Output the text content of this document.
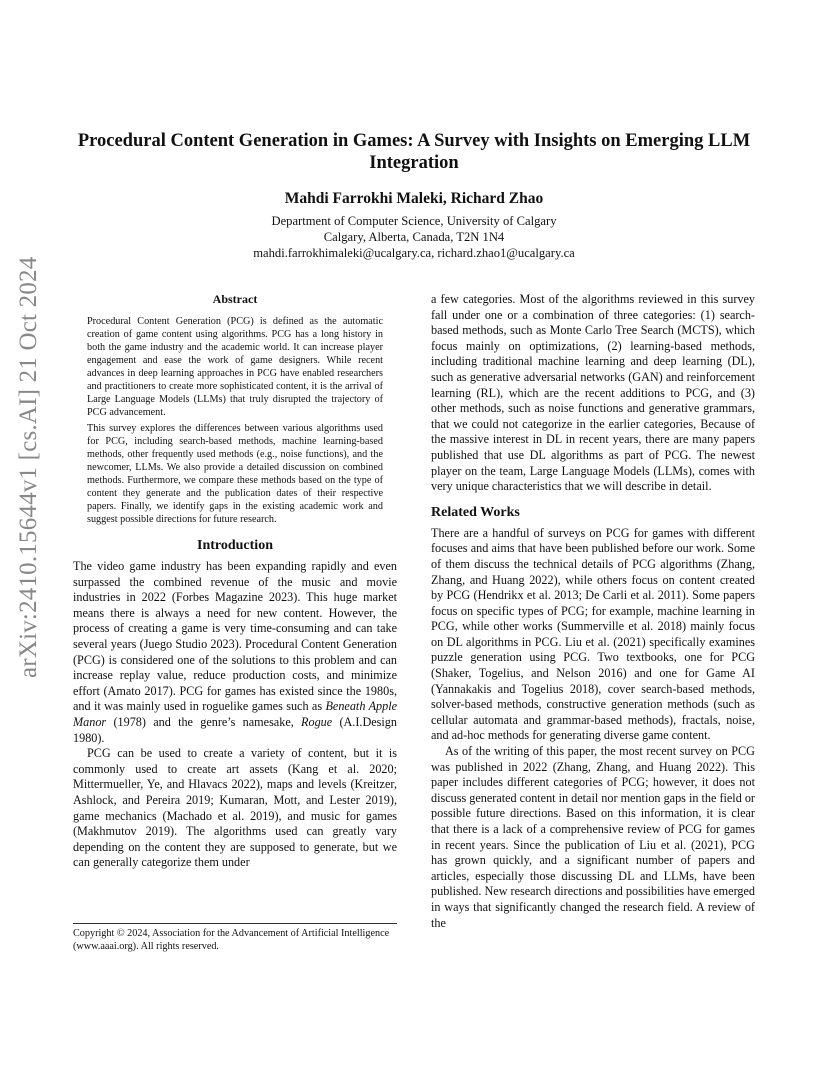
arXiv:2410.15644v1 [cs.AI] 21 Oct 2024
Procedural Content Generation in Games: A Survey with Insights on Emerging LLM Integration
Mahdi Farrokhi Maleki, Richard Zhao
Department of Computer Science, University of Calgary
Calgary, Alberta, Canada, T2N 1N4
mahdi.farrokhimaleki@ucalgary.ca, richard.zhao1@ucalgary.ca
Abstract

Procedural Content Generation (PCG) is defined as the automatic creation of game content using algorithms. PCG has a long history in both the game industry and the academic world. It can increase player engagement and ease the work of game designers. While recent advances in deep learning approaches in PCG have enabled researchers and practitioners to create more sophisticated content, it is the arrival of Large Language Models (LLMs) that truly disrupted the trajectory of PCG advancement.

This survey explores the differences between various algorithms used for PCG, including search-based methods, machine learning-based methods, other frequently used methods (e.g., noise functions), and the newcomer, LLMs. We also provide a detailed discussion on combined methods. Furthermore, we compare these methods based on the type of content they generate and the publication dates of their respective papers. Finally, we identify gaps in the existing academic work and suggest possible directions for future research.

Introduction

The video game industry has been expanding rapidly and even surpassed the combined revenue of the music and movie industries in 2022 (Forbes Magazine 2023). This huge market means there is always a need for new content. However, the process of creating a game is very time-consuming and can take several years (Juego Studio 2023). Procedural Content Generation (PCG) is considered one of the solutions to this problem and can increase replay value, reduce production costs, and minimize effort (Amato 2017). PCG for games has existed since the 1980s, and it was mainly used in roguelike games such as Beneath Apple Manor (1978) and the genre’s namesake, Rogue (A.I.Design 1980).

PCG can be used to create a variety of content, but it is commonly used to create art assets (Kang et al. 2020; Mittermueller, Ye, and Hlavacs 2022), maps and levels (Kreitzer, Ashlock, and Pereira 2019; Kumaran, Mott, and Lester 2019), game mechanics (Machado et al. 2019), and music for games (Makhmutov 2019). The algorithms used can greatly vary depending on the content they are supposed to generate, but we can generally categorize them under

Copyright © 2024, Association for the Advancement of Artificial Intelligence (www.aaai.org). All rights reserved.

a few categories. Most of the algorithms reviewed in this survey fall under one or a combination of three categories: (1) search-based methods, such as Monte Carlo Tree Search (MCTS), which focus mainly on optimizations, (2) learning-based methods, including traditional machine learning and deep learning (DL), such as generative adversarial networks (GAN) and reinforcement learning (RL), which are the recent additions to PCG, and (3) other methods, such as noise functions and generative grammars, that we could not categorize in the earlier categories, Because of the massive interest in DL in recent years, there are many papers published that use DL algorithms as part of PCG. The newest player on the team, Large Language Models (LLMs), comes with very unique characteristics that we will describe in detail.

Related Works

There are a handful of surveys on PCG for games with different focuses and aims that have been published before our work. Some of them discuss the technical details of PCG algorithms (Zhang, Zhang, and Huang 2022), while others focus on content created by PCG (Hendrikx et al. 2013; De Carli et al. 2011). Some papers focus on specific types of PCG; for example, machine learning in PCG, while other works (Summerville et al. 2018) mainly focus on DL algorithms in PCG. Liu et al. (2021) specifically examines puzzle generation using PCG. Two textbooks, one for PCG (Shaker, Togelius, and Nelson 2016) and one for Game AI (Yannakakis and Togelius 2018), cover search-based methods, solver-based methods, constructive generation methods (such as cellular automata and grammar-based methods), fractals, noise, and ad-hoc methods for generating diverse game content.

As of the writing of this paper, the most recent survey on PCG was published in 2022 (Zhang, Zhang, and Huang 2022). This paper includes different categories of PCG; however, it does not discuss generated content in detail nor mention gaps in the field or possible future directions. Based on this information, it is clear that there is a lack of a comprehensive review of PCG for games in recent years. Since the publication of Liu et al. (2021), PCG has grown quickly, and a significant number of papers and articles, especially those discussing DL and LLMs, have been published. New research directions and possibilities have emerged in ways that significantly changed the research field. A review of the
